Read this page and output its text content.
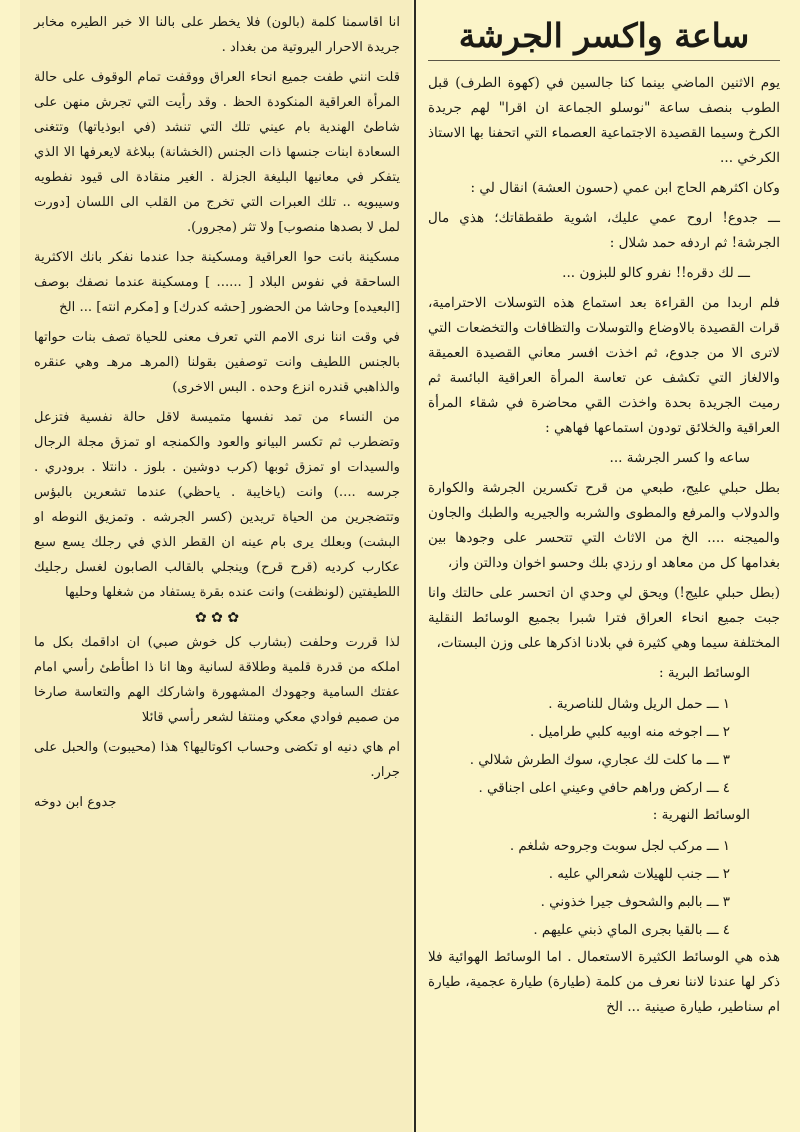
ساعة واكسر الجرشة

يوم الاثنين الماضي بينما كنا جالسين في (كهوة الطرف) قبل الطوب بنصف ساعة "نوسلو الجماعة ان اقرا" لهم جريدة الكرخ وسيما القصيدة الاجتماعية العصماء التي اتحفنا بها الاستاذ الكرخي ...

وكان اكثرهم الحاج ابن عمي (حسون العشة) انقال لي :

ـــ جدوع! اروح عمي عليك، اشوية طقطقاتك؛ هذي مال الجرشة! ثم اردفه حمد شلال :

ـــ لك دقره!! نفرو كالو للبزون ...

فلم اربدا من القراءة بعد استماع هذه التوسلات الاحترامية، قرات القصيدة بالاوضاع والتوسلات والتظافات والتخضعات التي لاترى الا من جدوع، ثم اخذت افسر معاني القصيدة العميقة والالغاز التي تكشف عن تعاسة المرأة العراقية البائسة ثم رميت الجريدة بحدة واخذت القي محاضرة في شقاء المرأة العراقية والخلائق تودون استماعها فهاهي :

ساعه وا كسر الجرشة ...

بطل حبلي عليج، طبعي من قرح تكسرين الجرشة والكوارة والدولاب والمرفع والمطوى والشربه والجيريه والطبك والجاون والميجنه .... الخ من الاثاث التي تتحسر على وجودها بين بغدامها كل من معاهد او رزدي بلك وحسو اخوان ودالتن واز،

(بطل حبلي عليج!) ويحق لي وحدي ان اتحسر على حالتك وانا جبت جميع انحاء العراق فترا شبرا بجميع الوسائط النقلية المختلفة سيما وهي كثيرة في بلادنا اذكرها على وزن البستات،

الوسائط البرية :

١ ـــ حمل الريل وشال للناصرية .

٢ ـــ اجوخه منه اوبيه كلبي طراميل .

٣ ـــ ما كلت لك عجاري، سوك الطرش شلالي .

٤ ـــ اركض وراهم حافي وعيني اعلى اجناقي .

الوسائط النهرية :

١ ـــ مركب لجل سوبت وجروحه شلغم .

٢ ـــ جنب للهيلات شعرالي عليه .

٣ ـــ بالبم والشحوف جيرا خذوني .

٤ ـــ بالقيا بجرى الماي ذبني عليهم .

هذه هي الوسائط الكثيرة الاستعمال . اما الوسائط الهوائية فلا ذكر لها عندنا لاننا نعرف من كلمة (طيارة) طيارة عجمية، طيارة ام سناطير، طيارة صينية ... الخ

انا اقاسمنا كلمة (بالون) فلا يخطر على بالنا الا خبر الطيره مخابر جريدة الاحرار اليروتية من بغداد .

قلت انني طفت جميع انحاء العراق ووقفت تمام الوقوف على حالة المرأة العراقية المنكودة الحظ . وقد رأيت التي تجرش منهن على شاطئ الهندية بام عيني تلك التي تنشد (في ابوذياتها) وتتغنى السعادة ابنات جنسها ذات الجنس (الخشانة) ببلاغة لايعرفها الا الذي يتفكر في معانيها البليغة الجزلة . الغير منقادة الى قيود نفطويه وسيبويه .. تلك العبرات التي تخرج من القلب الى اللسان [دورت لمل لا بصدها منصوب] ولا تثر (مجرور).

مسكينة بانت حوا العراقية ومسكينة جدا عندما نفكر بانك الاكثرية الساحقة في نفوس البلاد [ ...... ] ومسكينة عندما نصفك بوصف [البعيده] وحاشا من الحضور [حشه كدرك] و [مكرم انته] ... الخ

في وقت اننا نرى الامم التي تعرف معنى للحياة تصف بنات حواتها بالجنس اللطيف وانت توصفين بقولنا (المرهـ مرهـ وهي عنقره والذاهبي قندره انزع وحده . البس الاخرى)

من النساء من تمد نفسها متميسة لاقل حالة نفسية فتزعل وتضطرب ثم تكسر البيانو والعود والكمنجه او تمزق مجلة الرجال والسيدات او تمزق ثوبها (كرب دوشين . بلوز . دانتلا . برودري . جرسه ....) وانت (ياخايبة . ياحظي) عندما تشعرين بالبؤس وتتضجرين من الحياة تريدين (كسر الجرشه . وتمزيق النوطه او البشت) وبعلك يرى بام عينه ان القطر الذي في رجلك يسع سبع عكارب كرديه (قرح قرح) وينجلي بالقالب الصابون لغسل رجليك اللطيفتين (لونظفت) وانت عنده بقرة يستفاد من شغلها وحليها

✿ ✿ ✿

لذا قررت وحلفت (بشارب كل خوش صبي) ان اداقمك بكل ما املكه من قدرة قلمية وطلاقة لسانية وها انا ذا اطأطئ رأسي امام عفتك السامية وجهودك المشهورة واشاركك الهم والتعاسة صارخا من صميم فوادي معكي ومنتفا لشعر رأسي قائلا

ام هاي دنيه او تكضى وحساب اكوتاليها؟ هذا (محيبوت) والحبل على جرار.

جدوع ابن دوخه
